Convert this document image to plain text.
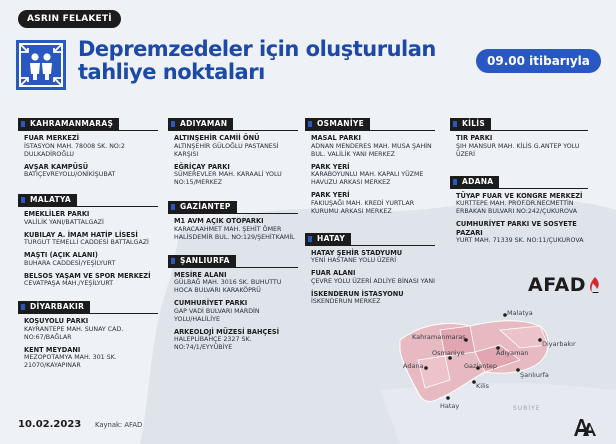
Malatya
Kahramanmaraş
Adıyaman
Diyarbakır
Osmaniye
Gaziantep
Şanlıurfa
Adana
Kilis
Hatay	SURİYE
ASRIN FELAKETİ
Depremzedeler için oluşturulan
tahliye noktaları	09.00 itibarıyla
KAHRAMANMARAŞ
FUAR MERKEZİ
İSTASYON MAH. 78008 SK. NO:2 DULKADİROĞLU
AVŞAR KAMPÜSÜ
BATIÇEVREYOLU/ONİKİŞUBAT
MALATYA
EMEKLİLER PARKI
VALİLİK YANI/BATTALGAZİ
KUBILAY A. İMAM HATİP LİSESİ
TURGUT TEMELLİ CADDESİ BATTALGAZİ
MAŞTI (AÇIK ALANI)
BUHARA CADDESİ/YEŞİLYURT
BELSOS YAŞAM VE SPOR MERKEZİ
CEVATPAŞA MAH./YEŞİLYURT
DİYARBAKIR
KOŞUYOLU PARKI
KAYRANTEPE MAH. SUNAY CAD. NO:67/BAĞLAR
KENT MEYDANI
MEZOPOTAMYA MAH. 301 SK. 21070/KAYAPINAR
ADIYAMAN
ALTINŞEHİR CAMİİ ÖNÜ
ALTINŞEHİR GÜLOĞLU PASTANESİ KARŞISI
EĞRİÇAY PARKI
SÜMEREVLER MAH. KARAALİ YOLU NO:15/MERKEZ
GAZİANTEP
M1 AVM AÇIK OTOPARKI
KARACAAHMET MAH. ŞEHİT ÖMER HALİSDEMİR BUL. NO:129/ŞEHİTKAMİL
ŞANLIURFA
MESİRE ALANI
GÜLBAĞ MAH. 3016 SK. BUHUTTU HOCA BULVARI KARAKÖPRÜ
CUMHURİYET PARKI
GAP VADİ BULVARI MARDİN YOLU/HALİLİYE
ARKEOLOJİ MÜZESİ BAHÇESİ
HALEPLİBAHÇE 2327 SK. NO:74/1/EYYÜBİYE
OSMANİYE
MASAL PARKI
ADNAN MENDERES MAH. MUSA ŞAHİN BUL. VALİLİK YANI MERKEZ
PARK YERİ
KARABOYUNLU MAH. KAPALI YÜZME HAVUZU ARKASI MERKEZ
PARK YERİ
FAKIUŞAĞI MAH. KREDİ YURTLAR KURUMU ARKASI MERKEZ
HATAY
HATAY ŞEHİR STADYUMU
YENİ HASTANE YOLU ÜZERİ
FUAR ALANI
ÇEVRE YOLU ÜZERİ ADLİYE BİNASI YANI
İSKENDERUN İSTASYONU
İSKENDERUN MERKEZ
KİLİS
TIR PARKI
ŞIH MANSUR MAH. KİLİS G.ANTEP YOLU ÜZERİ
ADANA
TÜYAP FUAR VE KONGRE MERKEZİ
KURTTEPE MAH. PROF.DR.NECMETTİN ERBAKAN BULVARI NO:242/ÇUKUROVA
CUMHURİYET PARKI VE SOSYETE PAZARI
YURT MAH. 71339 SK. NO:11/ÇUKUROVA
AFAD
10.02.2023 Kaynak: AFAD
